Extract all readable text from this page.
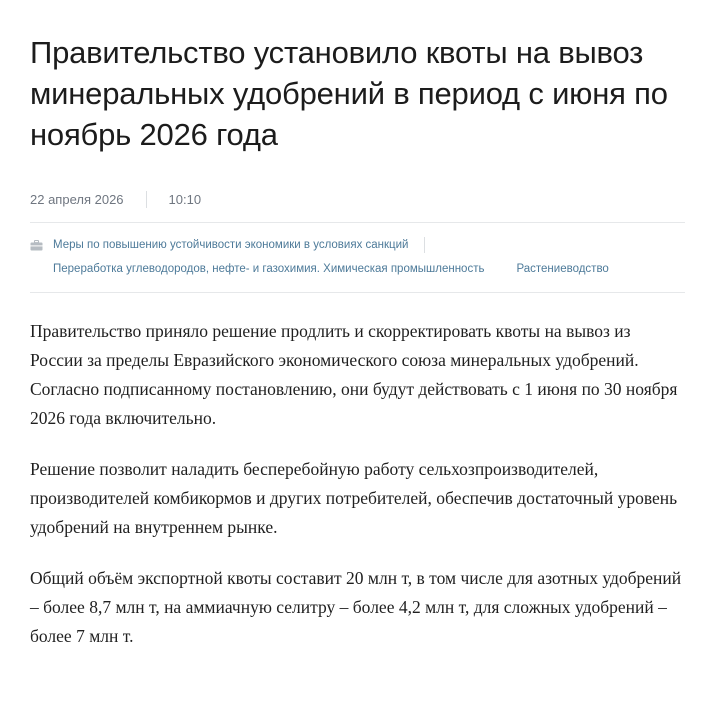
Правительство установило квоты на вывоз минеральных удобрений в период с июня по ноябрь 2026 года
22 апреля 2026	10:10
Меры по повышению устойчивости экономики в условиях санкций
Переработка углеводородов, нефте- и газохимия. Химическая промышленность	Растениеводство

Правительство приняло решение продлить и скорректировать квоты на вывоз из России за пределы Евразийского экономического союза минеральных удобрений. Согласно подписанному постановлению, они будут действовать с 1 июня по 30 ноября 2026 года включительно.

Решение позволит наладить бесперебойную работу сельхозпроизводителей, производителей комбикормов и других потребителей, обеспечив достаточный уровень удобрений на внутреннем рынке.

Общий объём экспортной квоты составит 20 млн т, в том числе для азотных удобрений – более 8,7 млн т, на аммиачную селитру – более 4,2 млн т, для сложных удобрений – более 7 млн т.
